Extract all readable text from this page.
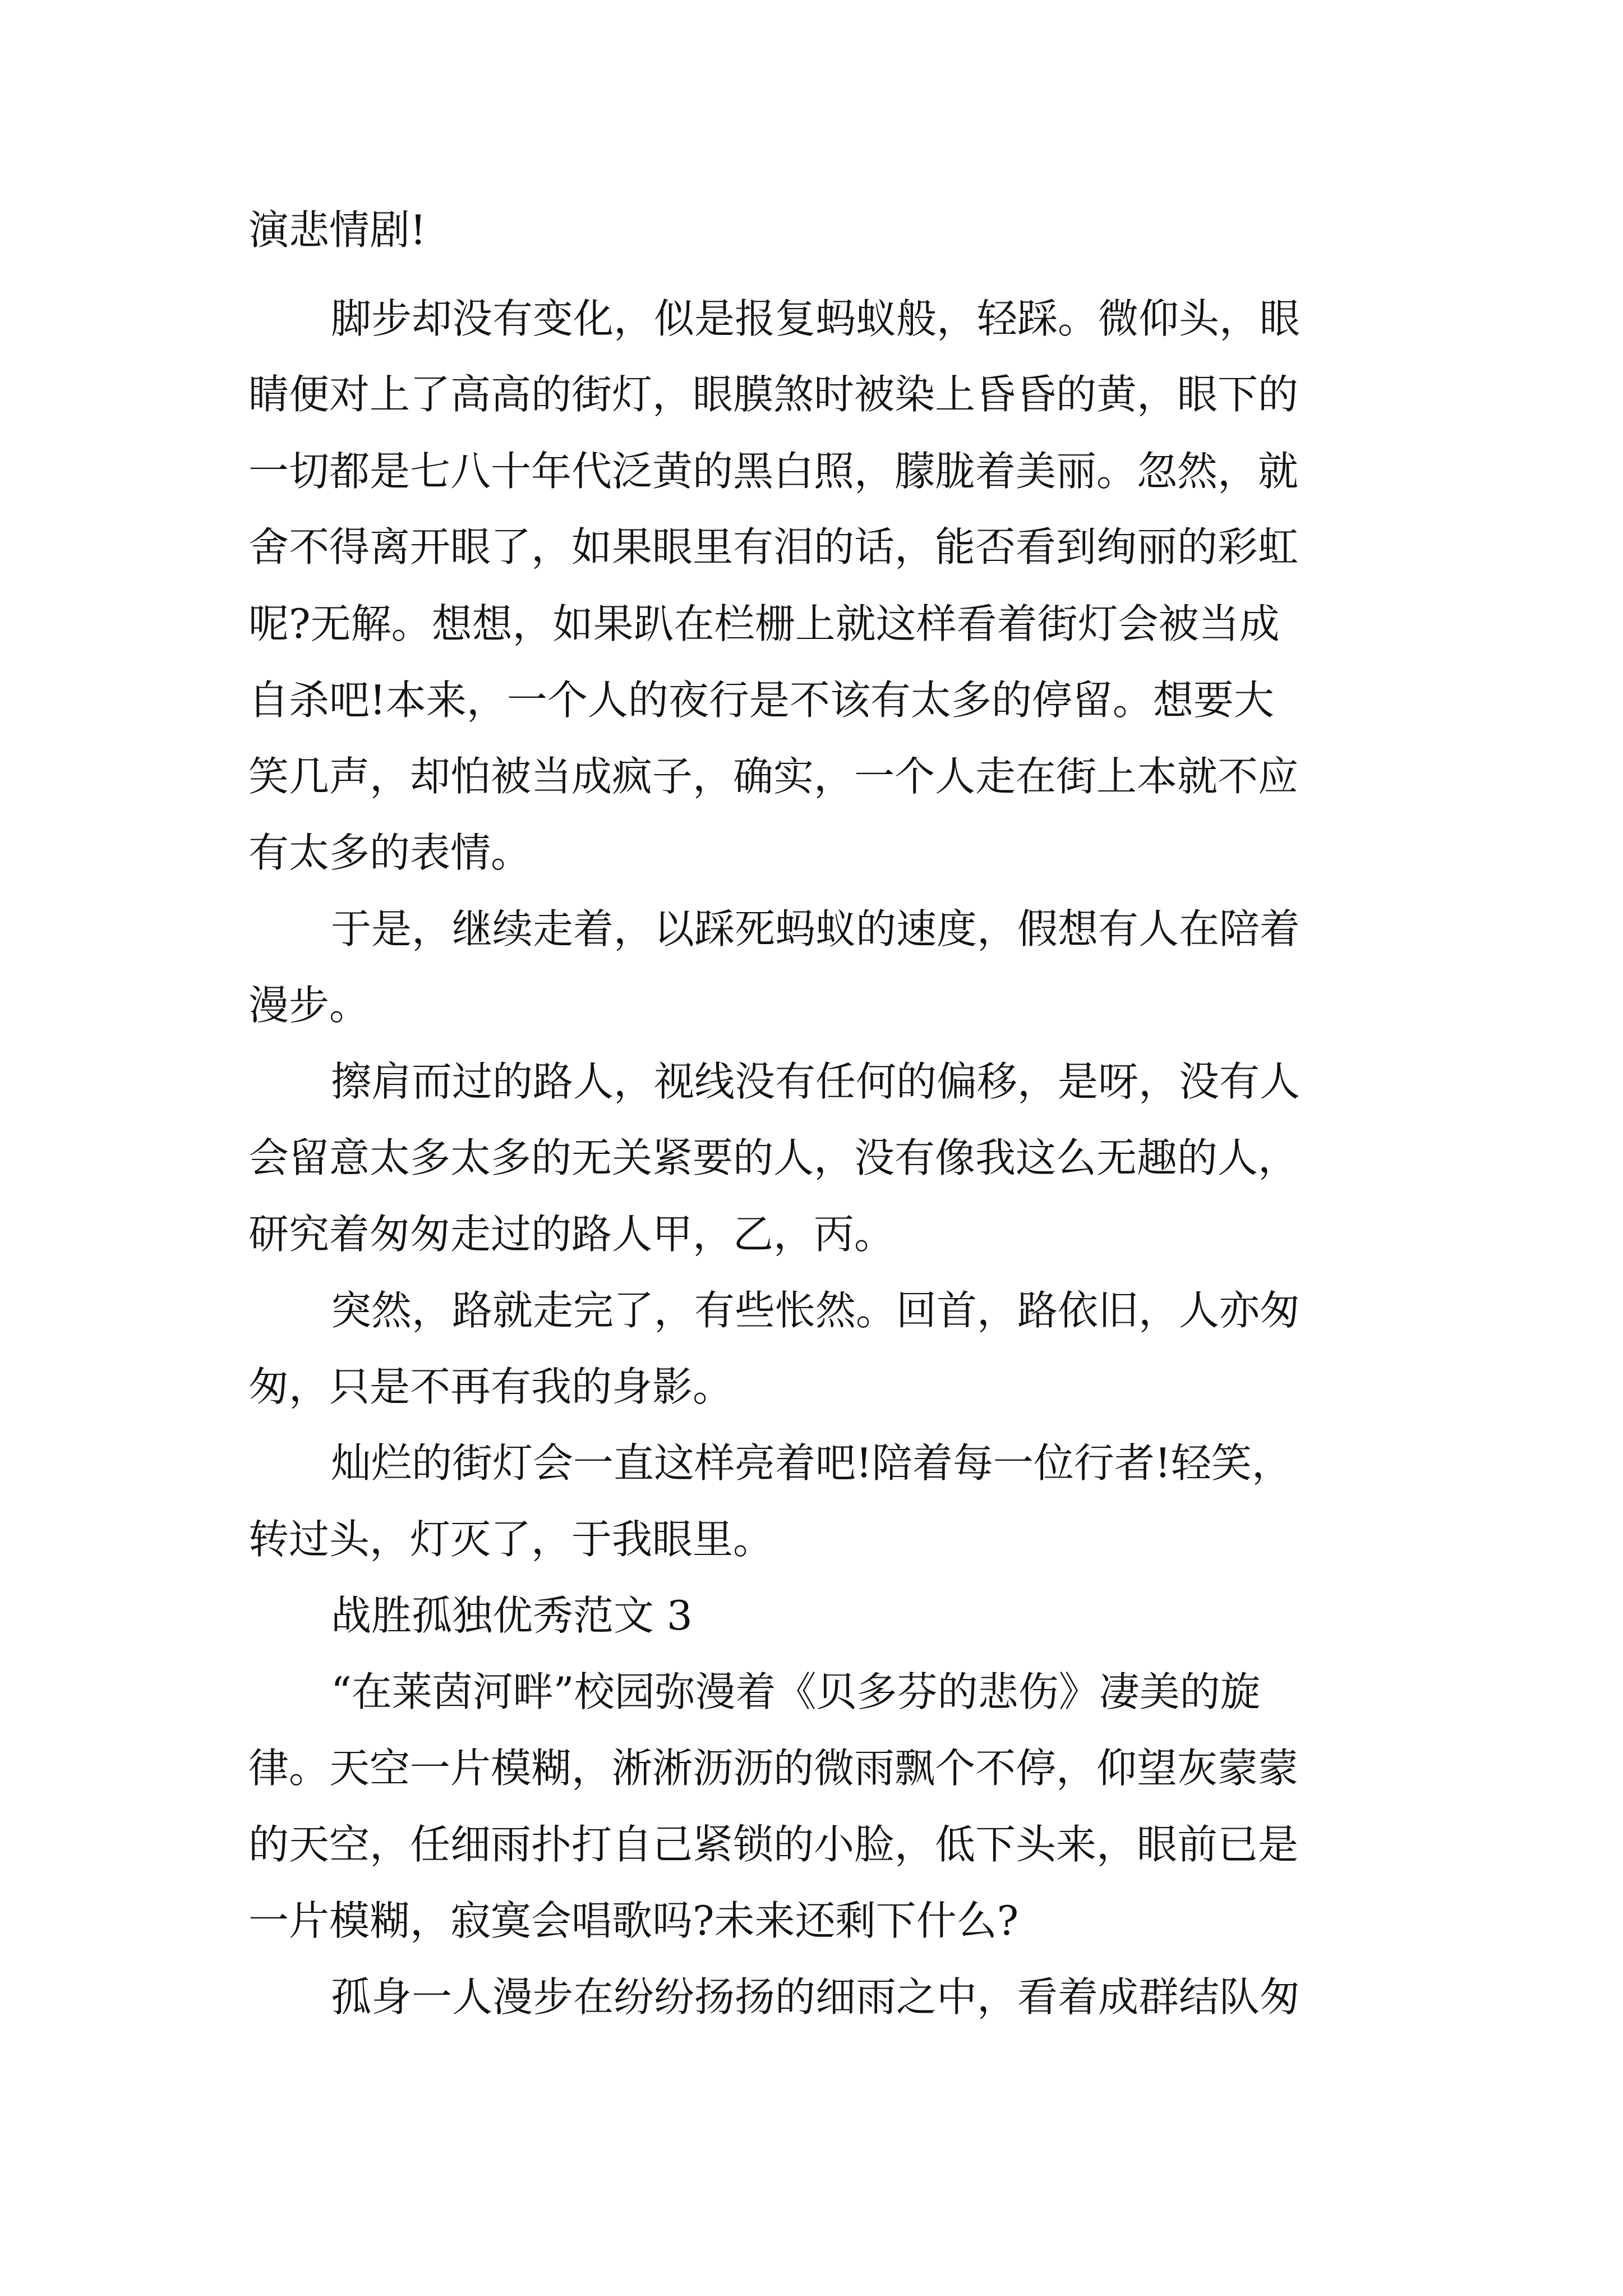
演悲情剧!

脚步却没有变化，似是报复蚂蚁般，轻踩。微仰头，眼

睛便对上了高高的街灯，眼膜煞时被染上昏昏的黄，眼下的

一切都是七八十年代泛黄的黑白照，朦胧着美丽。忽然，就

舍不得离开眼了，如果眼里有泪的话，能否看到绚丽的彩虹

呢?无解。想想，如果趴在栏栅上就这样看着街灯会被当成

自杀吧!本来，一个人的夜行是不该有太多的停留。想要大

笑几声，却怕被当成疯子，确实，一个人走在街上本就不应

有太多的表情。

于是，继续走着，以踩死蚂蚁的速度，假想有人在陪着

漫步。

擦肩而过的路人，视线没有任何的偏移，是呀，没有人

会留意太多太多的无关紧要的人，没有像我这么无趣的人，

研究着匆匆走过的路人甲，乙，丙。

突然，路就走完了，有些怅然。回首，路依旧，人亦匆

匆，只是不再有我的身影。

灿烂的街灯会一直这样亮着吧!陪着每一位行者!轻笑，

转过头，灯灭了，于我眼里。

战胜孤独优秀范文 3

“在莱茵河畔”校园弥漫着《贝多芬的悲伤》凄美的旋

律。天空一片模糊，淅淅沥沥的微雨飘个不停，仰望灰蒙蒙

的天空，任细雨扑打自己紧锁的小脸，低下头来，眼前已是

一片模糊，寂寞会唱歌吗?未来还剩下什么?

孤身一人漫步在纷纷扬扬的细雨之中，看着成群结队匆
